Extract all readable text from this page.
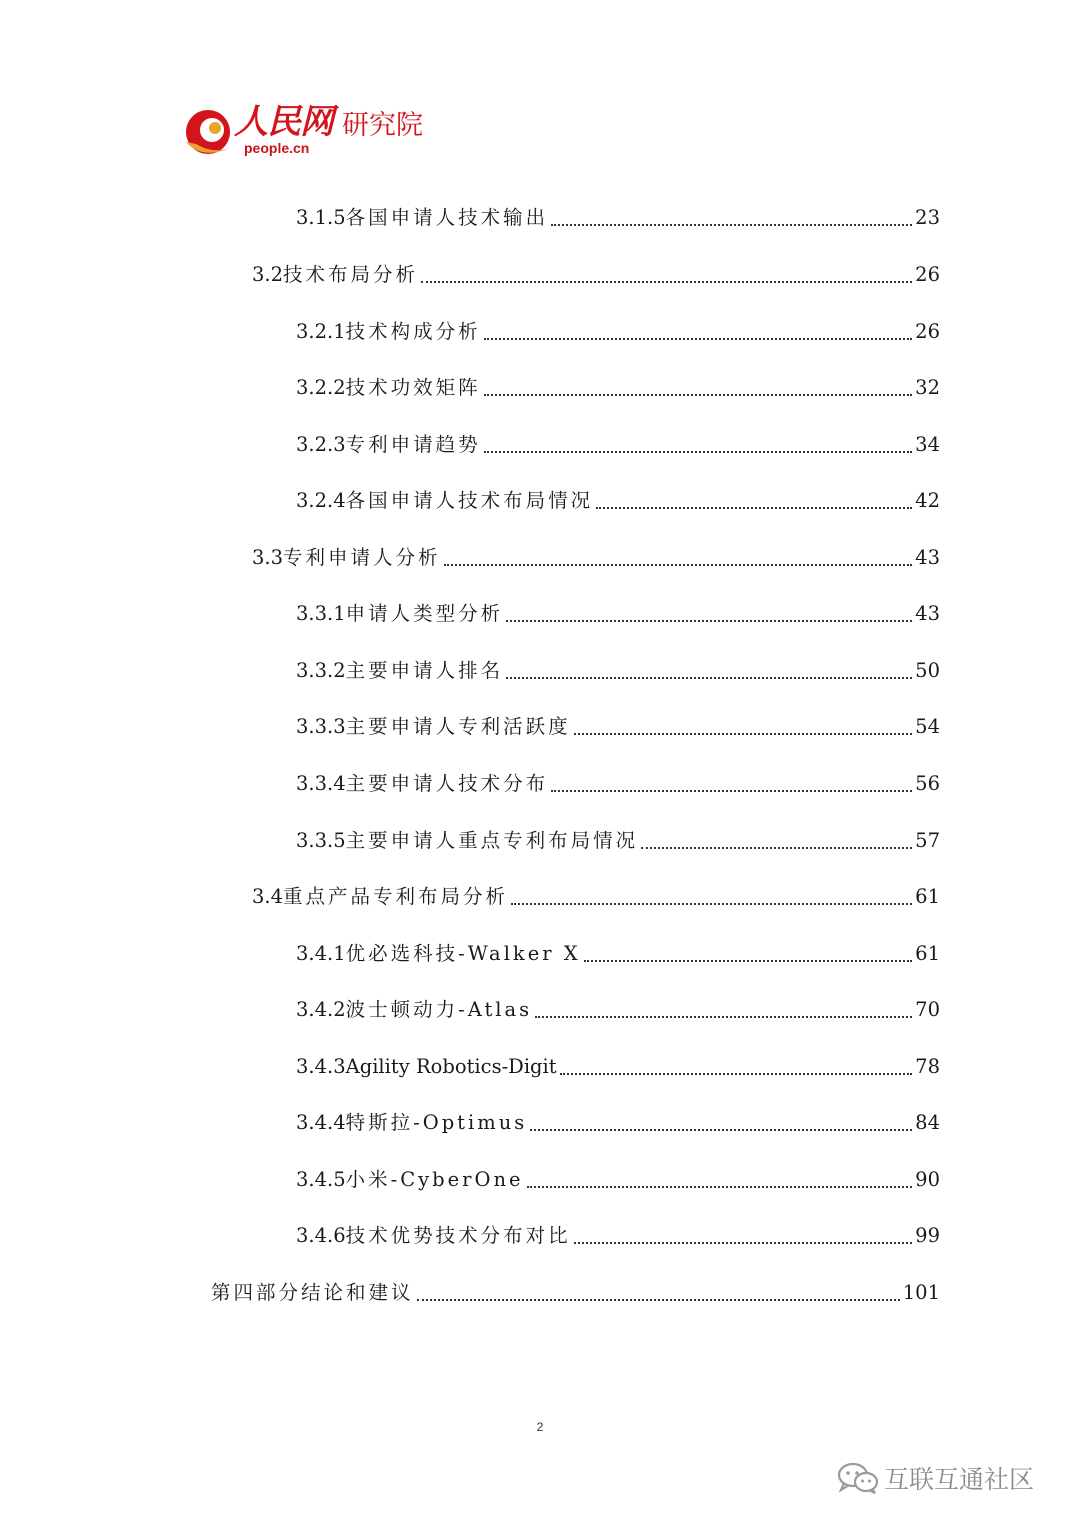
人民网 研究院
people.cn
3.1.5 各国申请人技术输出	23
3.2 技术布局分析	26
3.2.1 技术构成分析	26
3.2.2 技术功效矩阵	32
3.2.3 专利申请趋势	34
3.2.4 各国申请人技术布局情况	42
3.3 专利申请人分析	43
3.3.1 申请人类型分析	43
3.3.2 主要申请人排名	50
3.3.3 主要申请人专利活跃度	54
3.3.4 主要申请人技术分布	56
3.3.5 主要申请人重点专利布局情况	57
3.4 重点产品专利布局分析	61
3.4.1 优必选科技-Walker X	61
3.4.2 波士顿动力-Atlas	70
3.4.3 Agility Robotics-Digit	78
3.4.4 特斯拉-Optimus	84
3.4.5 小米-CyberOne	90
3.4.6 技术优势技术分布对比	99
第四部分 结论和建议	101
2
互联互通社区
